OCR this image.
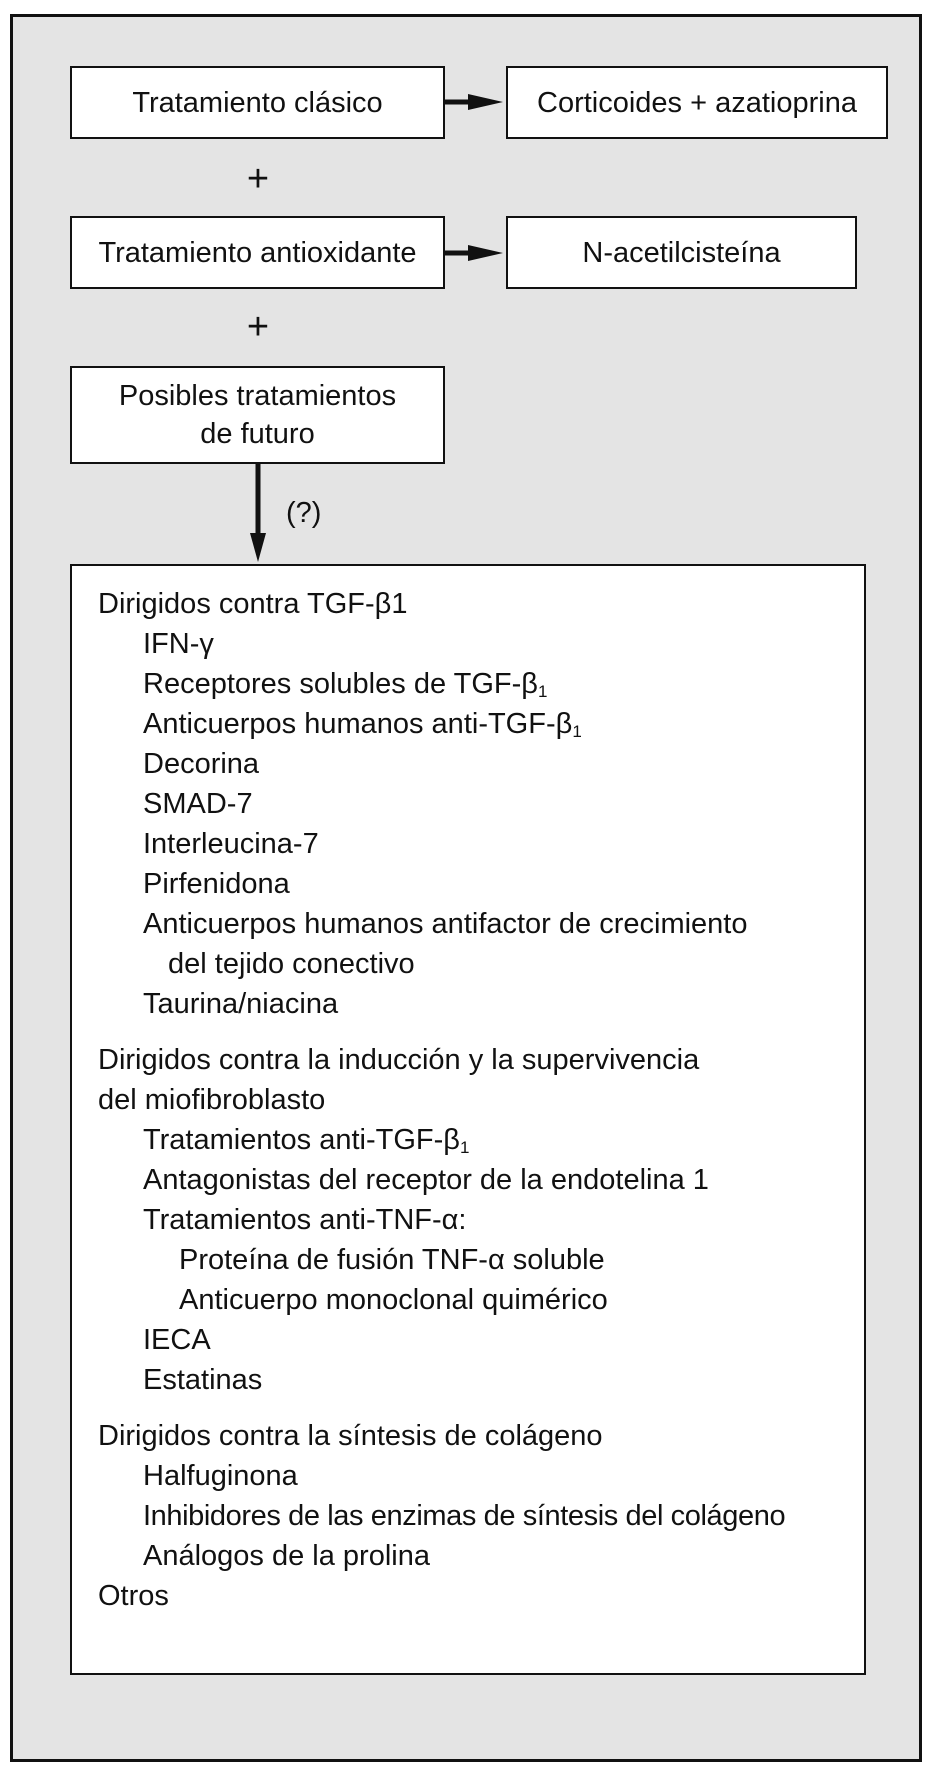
Tratamiento clásico	Corticoides + azatioprina
+
Tratamiento antioxidante	N-acetilcisteína
+
Posibles tratamientos
de futuro
(?)
Dirigidos contra TGF-β1
IFN-γ
Receptores solubles de TGF-$\beta_1$
Anticuerpos humanos anti-$TGF-\beta_1$
Decorina
SMAD-7
Interleucina-7
Pirfenidona
Anticuerpos humanos antifactor de crecimiento
del tejido conectivo
Taurina/niacina
Dirigidos contra la inducción y la supervivencia
del miofibroblasto
Tratamientos anti-$TGF-\beta_1$
Antagonistas del receptor de la endotelina 1
Tratamientos anti-TNF-α:
Proteína de fusión TNF-α soluble
Anticuerpo monoclonal quimérico
IECA
Estatinas
Dirigidos contra la síntesis de colágeno
Halfuginona
Inhibidores de las enzimas de síntesis del colágeno
Análogos de la prolina
Otros
